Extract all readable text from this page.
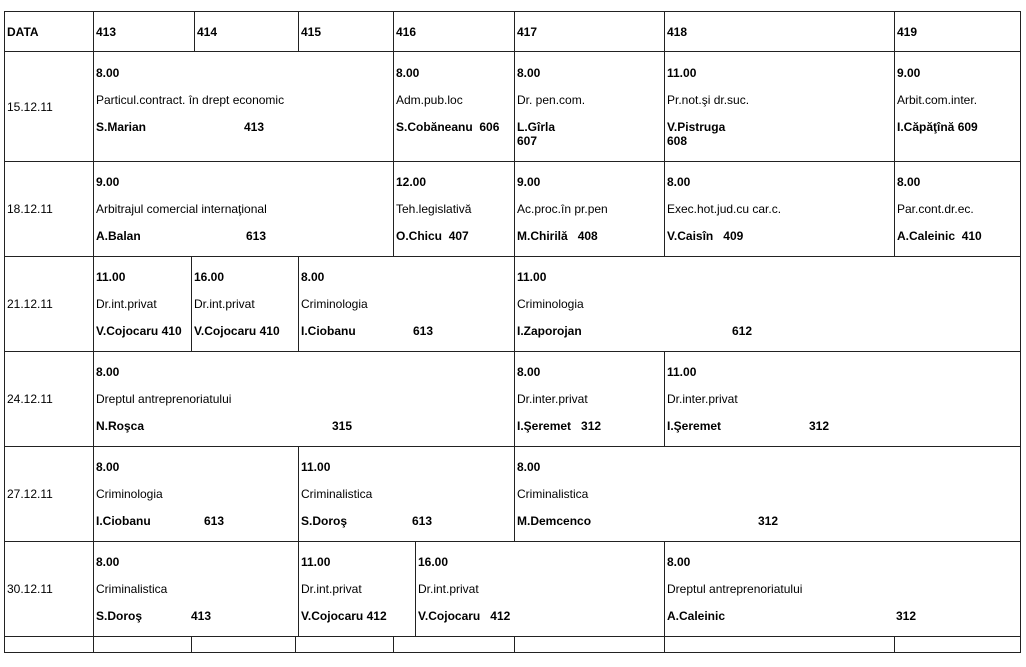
DATA	413		414		415	416		417	418	419
15.12.11	8.00
Particul.contract. în drept economic
S.Marian 413					8.00
Adm.pub.loc
S.Cobăneanu 606		8.00
Dr. pen.com.
L.Gîrla
607	11.00
Pr.not.şi dr.suc.
V.Pistruga
608	9.00
Arbit.com.inter.
I.Căpăţînă 609

18.12.11	9.00
Arbitrajul comercial internaţional
A.Balan 613					12.00
Teh.legislativă
O.Chicu 407		9.00
Ac.proc.în pr.pen
M.Chirilă 408	8.00
Exec.hot.jud.cu car.c.
V.Caisîn 409	8.00
Par.cont.dr.ec.
A.Caleinic 410

21.12.11	11.00
Dr.int.privat
V.Cojocaru 410	16.00
Dr.int.privat
V.Cojocaru 410			8.00
Criminologia
I.Ciobanu 613			11.00
Criminologia
I.Zaporojan 612		

24.12.11	8.00
Dreptul antreprenoriatului
N.Roşca 315							8.00
Dr.inter.privat
I.Şeremet 312	11.00
Dr.inter.privat
I.Şeremet 312	

27.12.11	8.00
Criminologia
I.Ciobanu 613				11.00
Criminalistica
S.Doroş 613			8.00
Criminalistica
M.Demcenco 312		

30.12.11	8.00
Criminalistica
S.Doroş 413				11.00
Dr.int.privat
V.Cojocaru 412		16.00
Dr.int.privat
V.Cojocaru 412		8.00
Dreptul antreprenoriatului
A.Caleinic 312	
